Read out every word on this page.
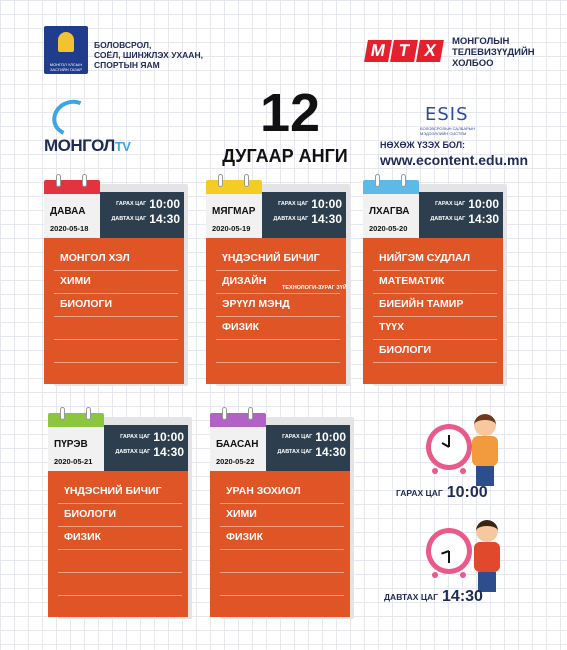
МОНГОЛ УЛСЫН ЗАСГИЙН ГАЗАР
БОЛОВСРОЛ,
СОЁЛ, ШИНЖЛЭХ УХААН,
СПОРТЫН ЯАМ
М Т Х	МОНГОЛЫН
ТЕЛЕВИЗҮҮДИЙН
ХОЛБОО
МОНГОЛTV
12
ДУГААР АНГИ
ESIS
БОЛОВСРОЛЫН САЛБАРЫН МЭДЭЭЛЛИЙН СИСТЕМ
НӨХӨЖ ҮЗЭХ БОЛ:
www.econtent.edu.mn
МОНГОЛ ХЭЛ
ХИМИ
БИОЛОГИ
ДАВАА
2020-05-18
ГАРАХ ЦАГ 10:00
ДАВТАХ ЦАГ 14:30
ҮНДЭСНИЙ БИЧИГ
ДИЗАЙН
ТЕХНОЛОГИ-ЗУРАГ ЗҮЙ
ЭРҮҮЛ МЭНД
ФИЗИК
МЯГМАР
2020-05-19
ГАРАХ ЦАГ 10:00
ДАВТАХ ЦАГ 14:30
НИЙГЭМ СУДЛАЛ
МАТЕМАТИК
БИЕИЙН ТАМИР
ТҮҮХ
БИОЛОГИ
ЛХАГВА
2020-05-20
ГАРАХ ЦАГ 10:00
ДАВТАХ ЦАГ 14:30
ҮНДЭСНИЙ БИЧИГ
БИОЛОГИ
ФИЗИК
ПҮРЭВ
2020-05-21
ГАРАХ ЦАГ 10:00
ДАВТАХ ЦАГ 14:30
УРАН ЗОХИОЛ
ХИМИ
ФИЗИК
БААСАН
2020-05-22
ГАРАХ ЦАГ 10:00
ДАВТАХ ЦАГ 14:30
ГАРАХ ЦАГ 10:00
ДАВТАХ ЦАГ 14:30
